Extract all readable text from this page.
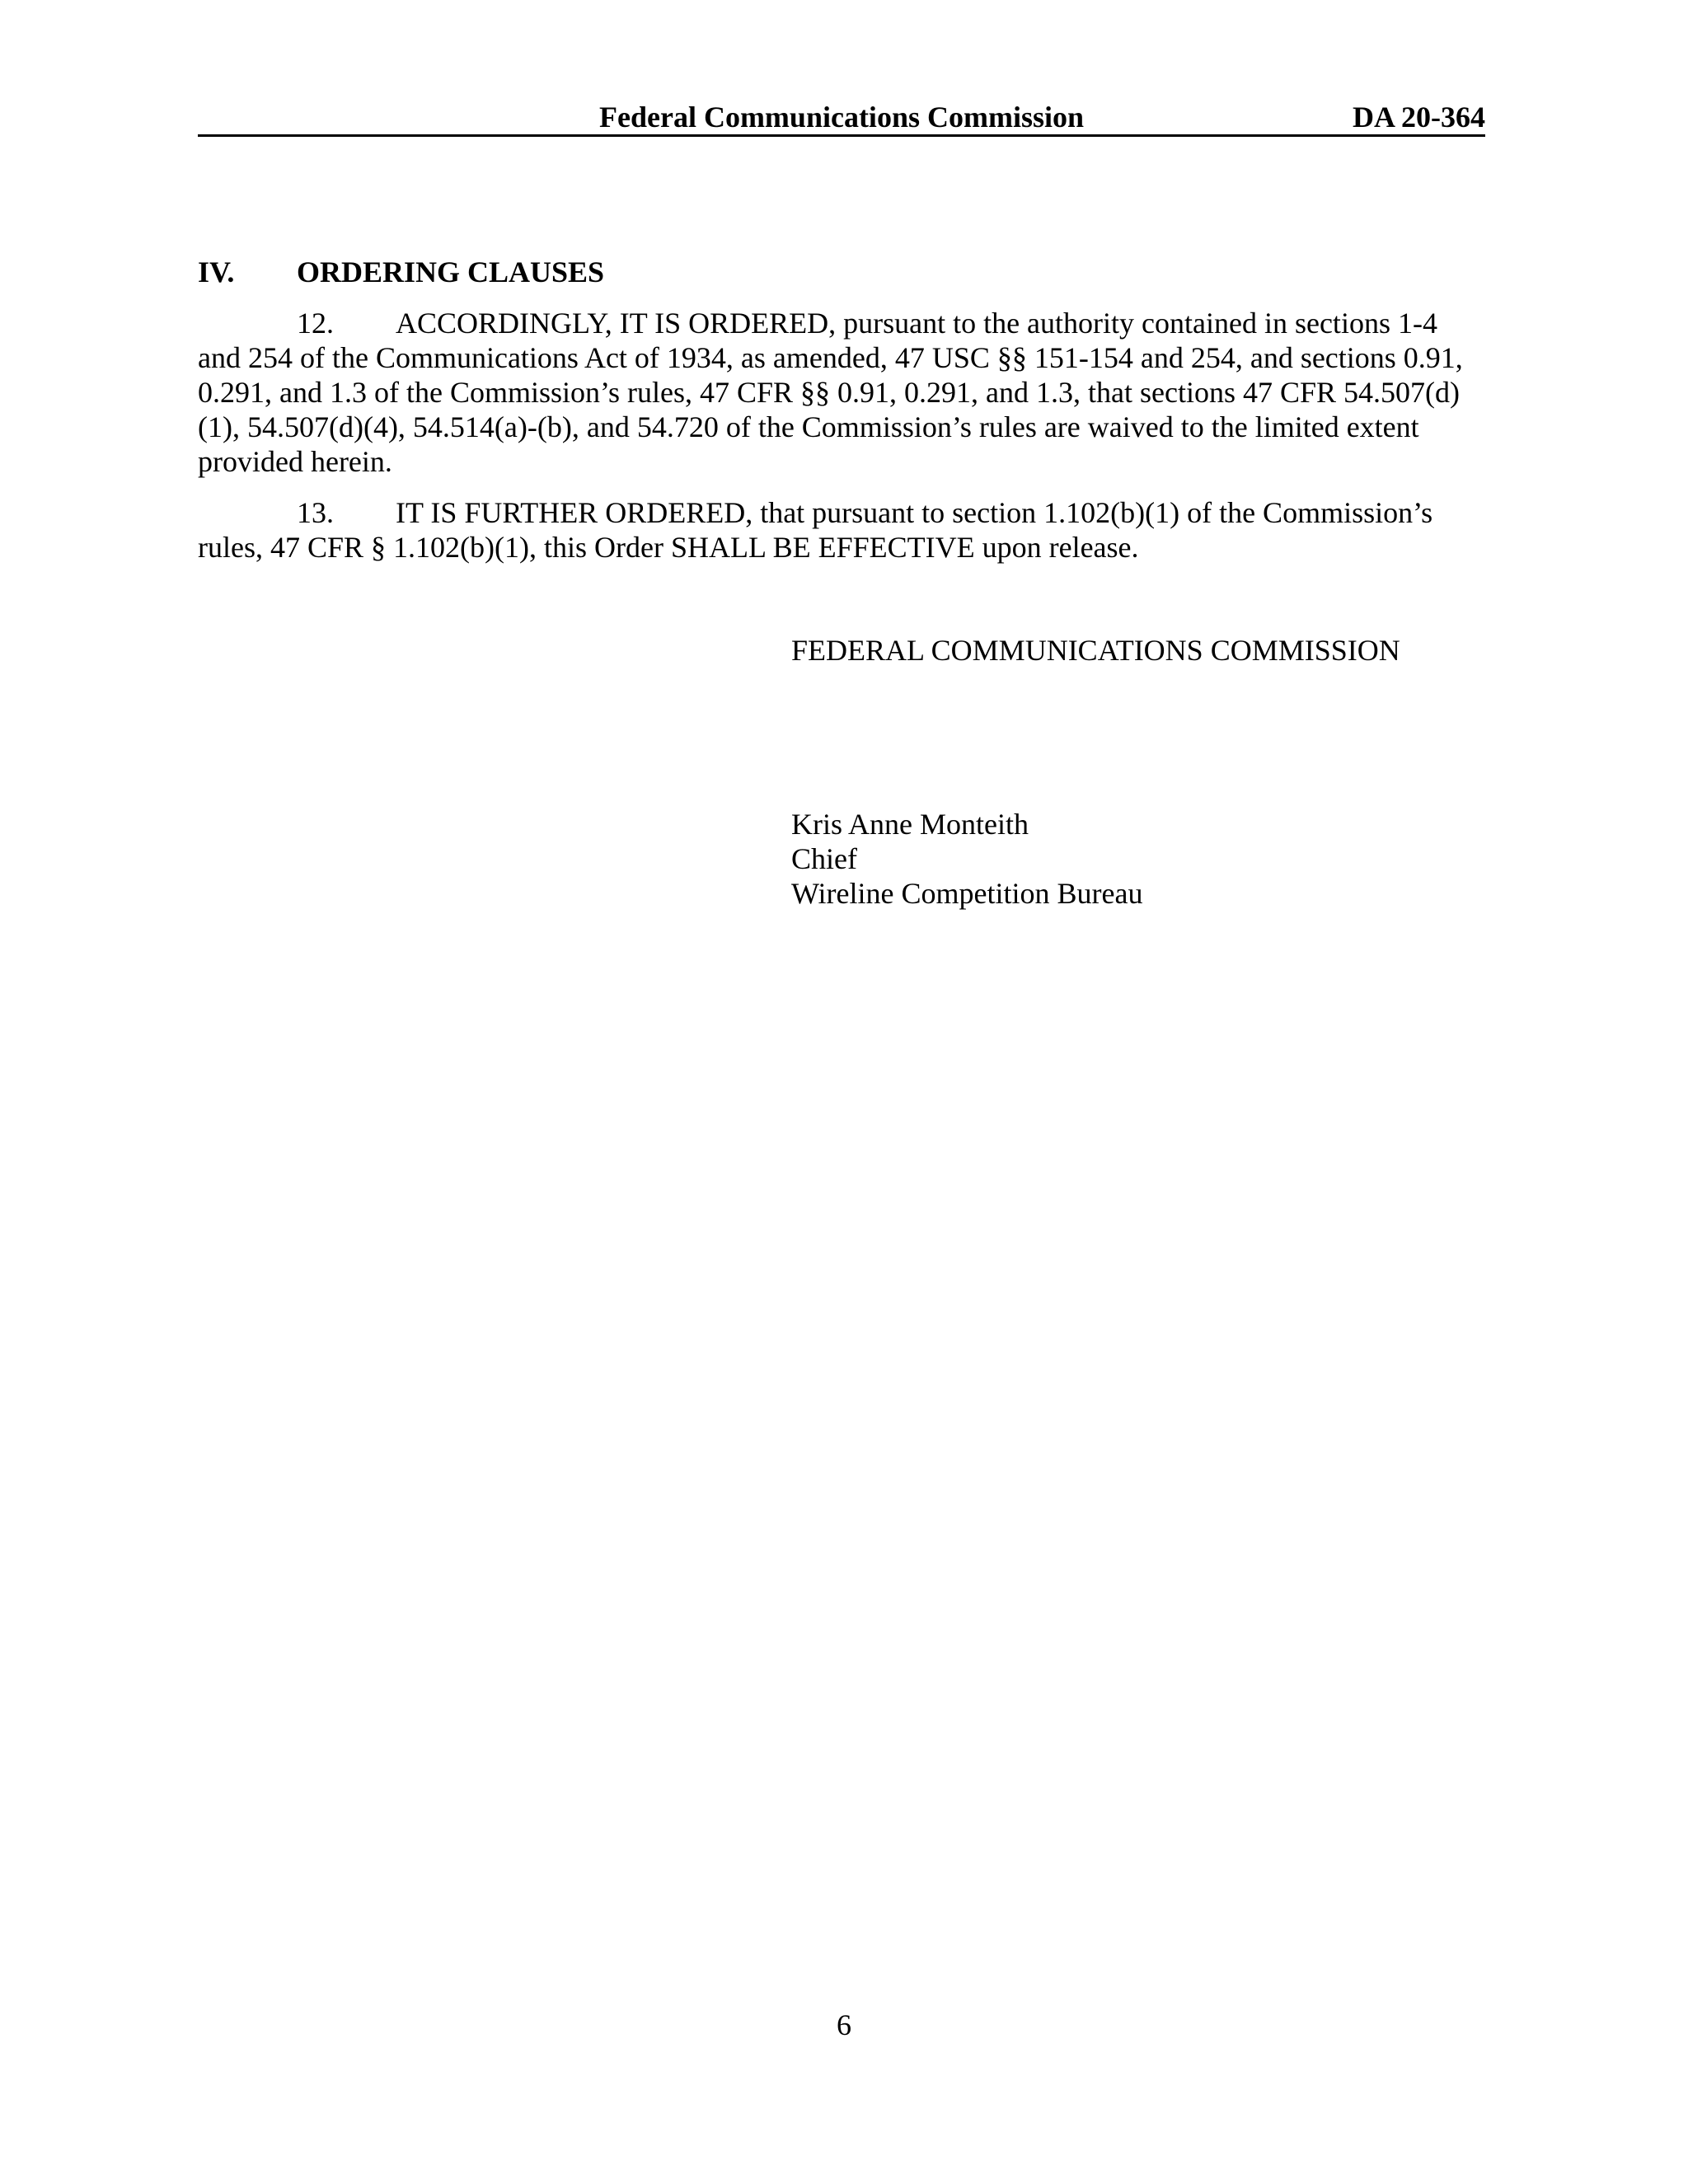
Federal Communications Commission	DA 20-364
IV. ORDERING CLAUSES
12. ACCORDINGLY, IT IS ORDERED, pursuant to the authority contained in sections 1-4 and 254 of the Communications Act of 1934, as amended, 47 USC §§ 151-154 and 254, and sections 0.91, 0.291, and 1.3 of the Commission’s rules, 47 CFR §§ 0.91, 0.291, and 1.3, that sections 47 CFR 54.507(d)(1), 54.507(d)(4), 54.514(a)-(b), and 54.720 of the Commission’s rules are waived to the limited extent provided herein.
13. IT IS FURTHER ORDERED, that pursuant to section 1.102(b)(1) of the Commission’s rules, 47 CFR § 1.102(b)(1), this Order SHALL BE EFFECTIVE upon release.
FEDERAL COMMUNICATIONS COMMISSION
Kris Anne Monteith
Chief
Wireline Competition Bureau
6
